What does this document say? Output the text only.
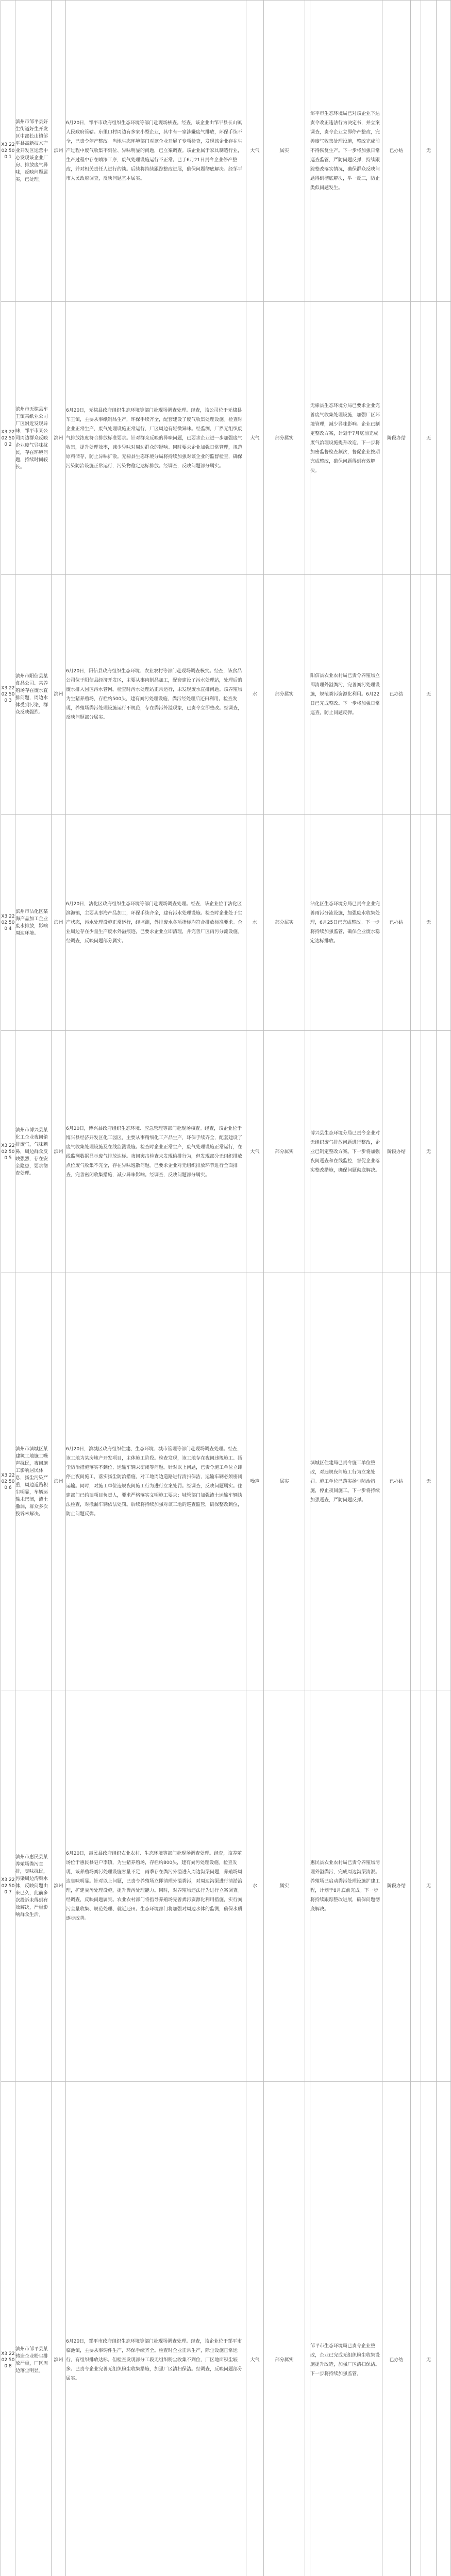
X3 22 02 500 1	滨州市邹平县好生街道好生开发区中部长山镇邹平县高新技术产业开发区运营中心发现该企业厂房、排放废气异味，反映问题属实，已处理。	滨州	6月20日，邹平市政府组织生态环境等部门赴现场核查。经查，该企业由邹平县长山镇人民政府管辖。东里口村周边有多家小型企业，其中有一家涉嫌废气排放，环保手续不全，已责令停产整改。当地生态环境部门对该企业开展了专项检查，发现该企业存在生产过程中废气收集不到位、异味明显的问题，已立案调查。该企业属于家具制造行业，生产过程中存在喷漆工序，废气处理设施运行不正常。已于6月21日责令企业停产整改，并对相关责任人进行约谈。后续将持续跟踪整改进展，确保问题彻底解决。经邹平市人民政府调查，反映问题基本属实。	大气	属实		邹平市生态环境局已对该企业下达责令改正违法行为决定书，并立案调查，责令企业立即停产整改，完善废气收集处理设施，整改完成前不得恢复生产。下一步将加强日常巡查监管，严防问题反弹，持续跟踪整改落实情况，确保群众反映问题得到彻底解决，举一反三，防止类似问题发生。	已办结		无	
X3 22 02 500 2	滨州市无棣县车王镇某纸业公司厂区附近发现异味，邹平市某公司周边群众反映企业废气异味扰民，存在环境问题，持续时间较长。	滨州	6月20日，无棣县政府组织生态环境等部门赴现场调查处理。经查，该公司位于无棣县车王镇，主要从事纸制品生产，环保手续齐全，配套建设了废气收集处理设施。检查时企业正常生产，废气处理设施正常运行，厂区周边有轻微异味。经监测，厂界无组织废气排放浓度符合排放标准要求。针对群众反映的异味问题，已要求企业进一步加强废气收集，提升处理效率，减少异味对周边群众的影响。同时要求企业加强日常管理，规范原料储存，防止异味扩散。无棣县生态环境分局将持续加强对该企业的监督检查，确保污染防治设施正常运行，污染物稳定达标排放。经调查，反映问题部分属实。	大气	部分属实		无棣县生态环境分局已要求企业完善废气收集处理设施，加强厂区环境管理，减少异味影响。企业已制定整改方案，计划于7月底前完成废气治理设施提升改造。下一步将加密监督检查频次，督促企业按期完成整改，确保问题得到有效解决。	阶段办结		无	
X3 22 02 500 3	滨州市阳信县某食品公司、某养殖场存在废水直排问题，周边水体受到污染，群众反映强烈。	滨州	6月20日，阳信县政府组织生态环境、农业农村等部门赴现场调查核实。经查，该食品公司位于阳信县经济开发区，主要从事肉制品加工，配套建设了污水处理站，处理后的废水排入园区污水管网。检查时污水处理站正常运行，未发现废水直排问题。该养殖场为生猪养殖场，存栏约500头，建有粪污处理设施，粪污经处理后还田利用。检查发现，养殖场粪污处理设施运行不规范，存在粪污外溢现象，已责令立即整改。经调查，反映问题部分属实。	水	部分属实		阳信县农业农村局已责令养殖场立即清理外溢粪污，完善粪污处理设施，规范粪污资源化利用。6月22日已完成整改。下一步将加强日常巡查，防止问题反弹。	已办结		无	
X3 22 02 500 4	滨州市沾化区某海产品加工企业废水排放，影响周边环境。	滨州	6月20日，沾化区政府组织生态环境等部门赴现场调查处理。经查，该企业位于沾化区滨海镇，主要从事海产品加工，环保手续齐全，建有污水处理设施。检查时企业处于生产状态，污水处理设施正常运行，经监测，外排废水各项指标均符合排放标准要求。企业周边存在少量生产废水外溢痕迹，已要求企业立即清理，并完善厂区雨污分流设施。经调查，反映问题部分属实。	水	部分属实		沾化区生态环境分局已责令企业完善雨污分流设施，加强废水收集处理，6月25日已完成整改。下一步将持续加强监管，确保企业废水稳定达标排放。	已办结		无	
X3 22 02 500 5	滨州市博兴县某化工企业夜间偷排废气，气味刺鼻，周边群众反映强烈，存在安全隐患，要求彻查处理。	滨州	6月20日，博兴县政府组织生态环境、应急管理等部门赴现场核查。经查，该企业位于博兴县经济开发区化工园区，主要从事精细化工产品生产，环保手续齐全，配套建设了废气收集处理设施及在线监测设施。检查时企业正常生产，废气处理设施正常运行，在线监测数据显示废气排放达标。夜间突击检查未发现偷排行为，但发现部分无组织排放点位废气收集不完全，存在异味逸散问题。已要求企业对无组织排放环节进行全面排查，完善密闭收集措施，减少异味影响。经调查，反映问题部分属实。	大气	部分属实		博兴县生态环境分局已责令企业对无组织废气排放问题进行整改，企业已制定整改方案。下一步将加强夜间巡查和在线监控，督促企业落实整改措施，确保问题彻底解决。	阶段办结		无	
X3 22 02 500 6	滨州市滨城区某建筑工地施工噪声扰民，夜间施工影响居民休息，扬尘污染严重，周边道路积尘明显，车辆运输未密闭，渣土撒漏，群众多次投诉未解决。	滨州	6月20日，滨城区政府组织住建、生态环境、城市管理等部门赴现场调查处理。经查，该工地为某房地产开发项目，主体施工阶段。检查发现，该工地存在夜间违规施工、扬尘防治措施落实不到位、运输车辆未密闭等问题。针对以上问题，已责令施工单位立即停止夜间施工，落实扬尘防治措施，对工地周边道路进行清扫保洁，运输车辆必须密闭运输。同时，对施工单位违规夜间施工行为进行立案处罚。经调查，反映问题属实。住建部门已约谈项目负责人，要求严格落实文明施工要求；城管部门加强渣土运输车辆执法检查，对撒漏车辆依法处罚。后续将持续加强对该工地的巡查监管，确保整改到位，防止问题反弹。	噪声	属实		滨城区住建局已责令施工单位整改，对违规夜间施工行为立案处罚。施工单位已落实扬尘防治措施，停止夜间施工。下一步将持续加强巡查，严防问题反弹。	已办结		无	
X3 22 02 500 7	滨州市惠民县某养殖场粪污直排，臭味扰民，污染周边沟渠水体，反映问题由来已久，此前多次投诉未得到有效解决，严重影响群众生活。	滨州	6月20日，惠民县政府组织农业农村、生态环境等部门赴现场调查处理。经查，该养殖场位于惠民县皂户李镇，为生猪养殖场，存栏约800头，建有粪污处理设施。检查发现，该养殖场粪污处理设施容量不足，雨季存在粪污外溢进入周边沟渠问题，养殖场周边臭味明显。针对以上问题，已责令养殖场立即清理外溢粪污，对周边沟渠进行清淤治理，扩建粪污处理设施，提升粪污处理能力。同时，对养殖场违法行为进行立案调查。经调查，反映问题属实。农业农村部门将指导养殖场完善粪污资源化利用措施，实行粪污全量收集、规范处理、就近还田。生态环境部门将加强对周边水体的监测，确保水质逐步改善。	水	属实		惠民县农业农村局已责令养殖场清理外溢粪污，完成周边沟渠清淤。养殖场已启动粪污处理设施扩建工程，计划于8月底前完成。下一步将持续跟踪整改进展，确保问题彻底解决。	阶段办结		无	
X3 22 02 500 8	滨州市邹平县某铸造企业粉尘排放严重，厂区周边落尘明显。	滨州	6月20日，邹平市政府组织生态环境等部门赴现场调查处理。经查，该企业位于邹平市临池镇，主要从事铸件生产，环保手续齐全。检查时企业正常生产，除尘设施正常运行，有组织排放达标。但检查发现部分工段无组织粉尘收集不到位，厂区地面积尘较多。已责令企业完善无组织粉尘收集措施，加强厂区清扫保洁。经调查，反映问题部分属实。	大气	部分属实		邹平市生态环境局已责令企业整改，企业已完成无组织粉尘收集设施提升改造，加强厂区清扫保洁。下一步将持续加强监管。	已办结		无	
